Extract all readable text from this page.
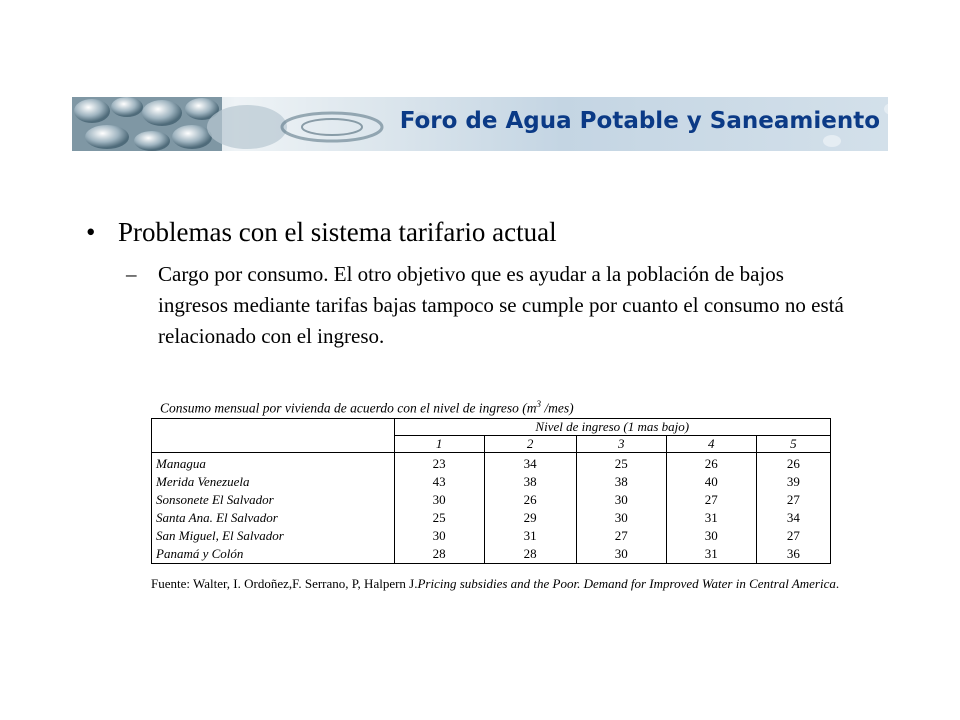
Foro de Agua Potable y Saneamiento
• Problemas con el sistema tarifario actual
– Cargo por consumo. El otro objetivo que es ayudar a la población de bajos ingresos mediante tarifas bajas tampoco se cumple por cuanto el consumo no está relacionado con el ingreso.
Consumo mensual por vivienda de acuerdo con el nivel de ingreso ($m^3$ /mes)
	Nivel de ingreso (1 mas bajo)				
	1	2	3	4	5
Managua	23	34	25	26	26
Merida Venezuela	43	38	38	40	39
Sonsonete El Salvador	30	26	30	27	27
Santa Ana. El Salvador	25	29	30	31	34
San Miguel, El Salvador	30	31	27	30	27
Panamá y Colón	28	28	30	31	36
Fuente: Walter, I. Ordoñez,F. Serrano, P, Halpern J.Pricing subsidies and the Poor. Demand for Improved Water in Central America.
